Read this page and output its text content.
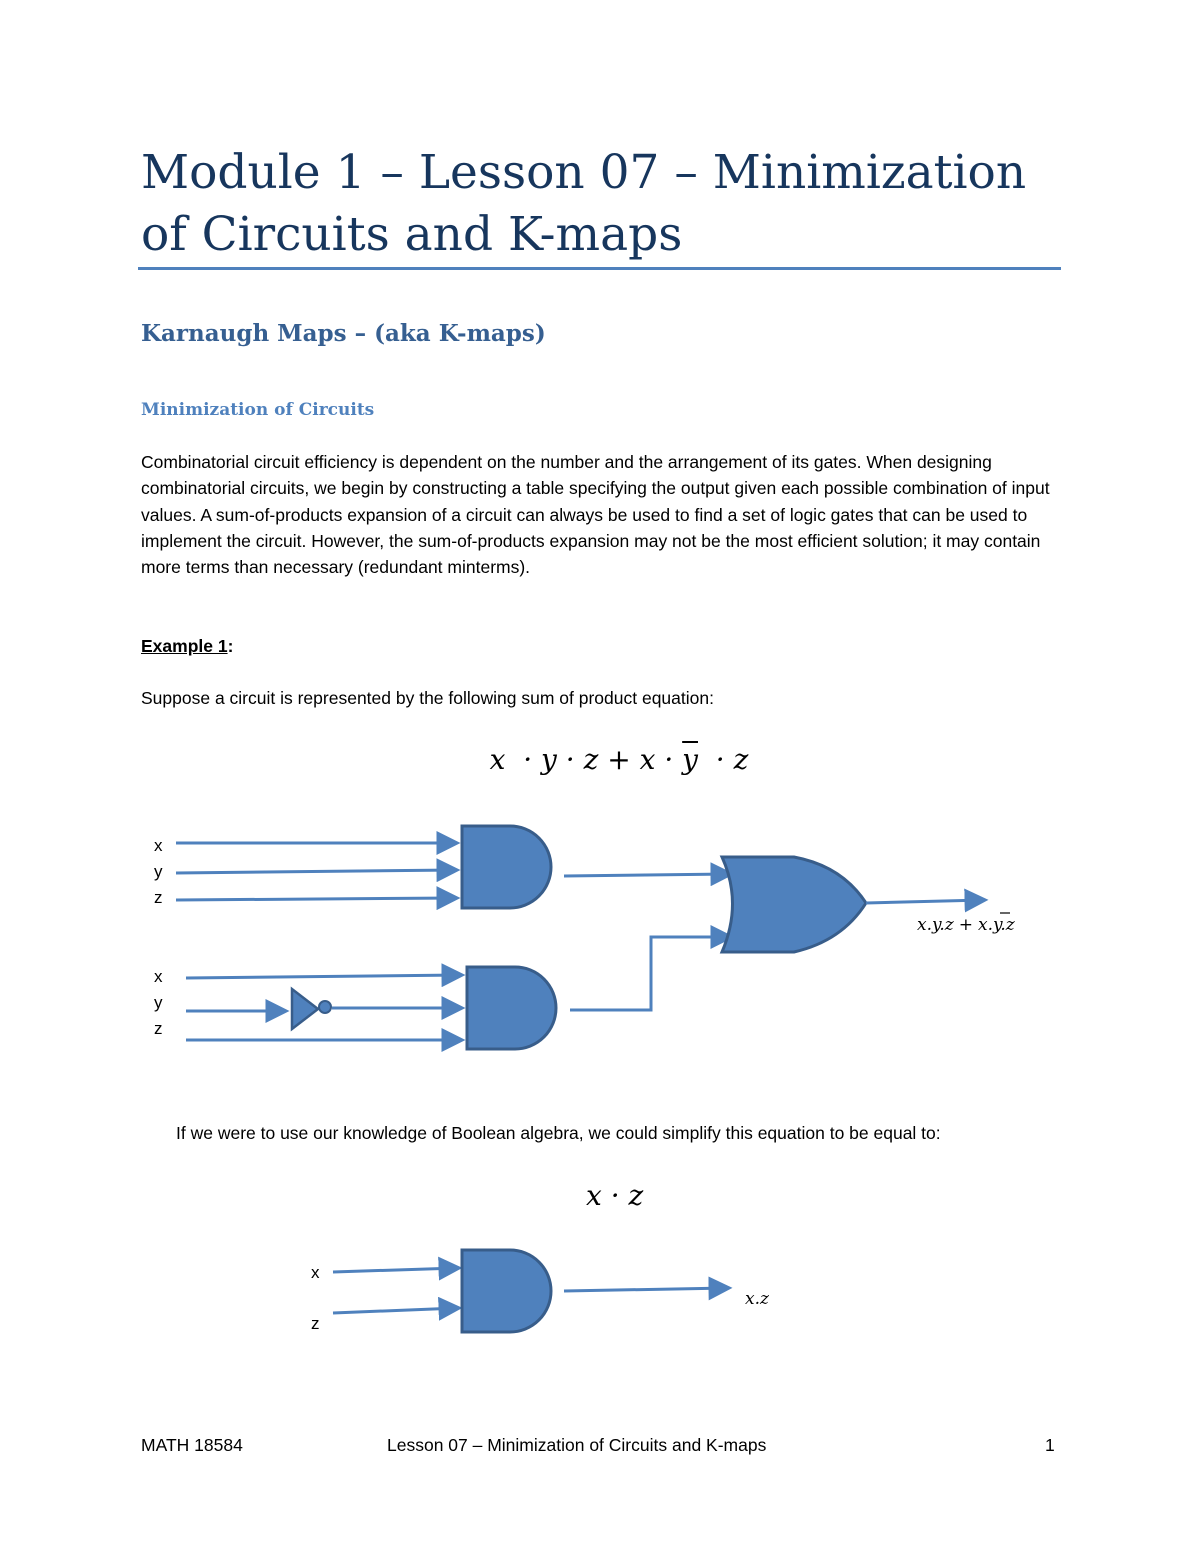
Module 1 – Lesson 07 – Minimization of Circuits and K-maps
Karnaugh Maps – (aka K-maps)
Minimization of Circuits

Combinatorial circuit efficiency is dependent on the number and the arrangement of its gates. When designing combinatorial circuits, we begin by constructing a table specifying the output given each possible combination of input values. A sum-of-products expansion of a circuit can always be used to find a set of logic gates that can be used to implement the circuit. However, the sum-of-products expansion may not be the most efficient solution; it may contain more terms than necessary (redundant minterms).

Example 1:

Suppose a circuit is represented by the following sum of product equation:

$x \cdot y \cdot z + x \cdot \overline{y} \cdot z$

x
y
z
x
y
z
x.y.z + x.y.z
x
z
x.z

If we were to use our knowledge of Boolean algebra, we could simplify this equation to be equal to:

x · z

MATH 18584	Lesson 07 – Minimization of Circuits and K-maps	1
